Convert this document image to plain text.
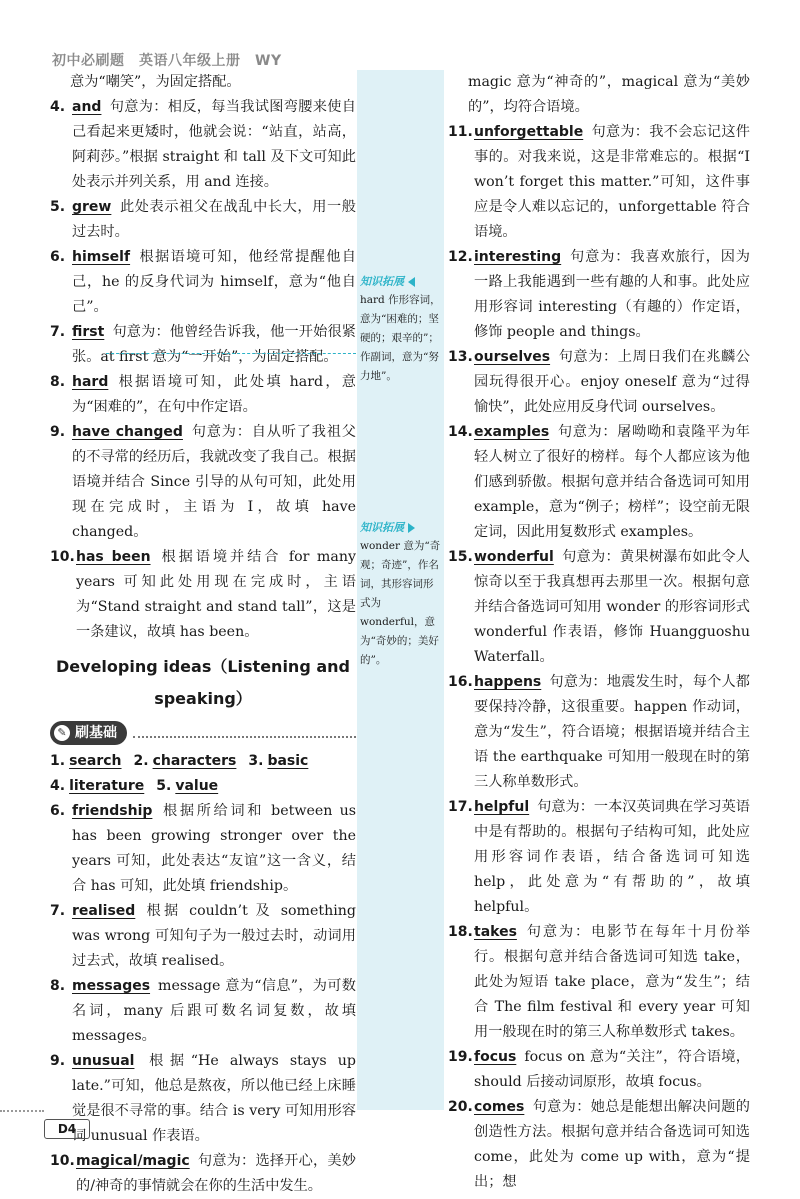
初中必刷题　英语八年级上册　WY
意为“嘲笑”，为固定搭配。
4. and 句意为：相反，每当我试图弯腰来使自己看起来更矮时，他就会说：“站直，站高，阿莉莎。”根据 straight 和 tall 及下文可知此处表示并列关系，用 and 连接。
5. grew 此处表示祖父在战乱中长大，用一般过去时。
6. himself 根据语境可知，他经常提醒他自己，he 的反身代词为 himself，意为“他自己”。
7. first 句意为：他曾经告诉我，他一开始很紧张。at first 意为“一开始”，为固定搭配。
8. hard 根据语境可知，此处填 hard，意为“困难的”，在句中作定语。
9. have changed 句意为：自从听了我祖父的不寻常的经历后，我就改变了我自己。根据语境并结合 Since 引导的从句可知，此处用现在完成时，主语为 I，故填 have changed。
10. has been 根据语境并结合 for many years 可知此处用现在完成时，主语为“Stand straight and stand tall”，这是一条建议，故填 has been。
Developing ideas（Listening and speaking）
✎ 刷基础
1. search 2. characters 3. basic
4. literature 5. value
6. friendship 根据所给词和 between us has been growing stronger over the years 可知，此处表达“友谊”这一含义，结合 has 可知，此处填 friendship。
7. realised 根据 couldn’t 及 something was wrong 可知句子为一般过去时，动词用过去式，故填 realised。
8. messages message 意为“信息”，为可数名词，many 后跟可数名词复数，故填 messages。
9. unusual 根据“He always stays up late.”可知，他总是熬夜，所以他已经上床睡觉是很不寻常的事。结合 is very 可知用形容词 unusual 作表语。
10. magical/magic 句意为：选择开心，美妙的/神奇的事情就会在你的生活中发生。
知识拓展
hard 作形容词，意为“困难的；坚硬的；艰辛的”；作副词，意为“努力地”。
知识拓展
wonder 意为“奇观；奇迹”，作名词，其形容词形式为 wonderful，意为“奇妙的；美好的”。
magic 意为“神奇的”，magical 意为“美妙的”，均符合语境。
11. unforgettable 句意为：我不会忘记这件事的。对我来说，这是非常难忘的。根据“I won’t forget this matter.”可知，这件事应是令人难以忘记的，unforgettable 符合语境。
12. interesting 句意为：我喜欢旅行，因为一路上我能遇到一些有趣的人和事。此处应用形容词 interesting（有趣的）作定语，修饰 people and things。
13. ourselves 句意为：上周日我们在兆麟公园玩得很开心。enjoy oneself 意为“过得愉快”，此处应用反身代词 ourselves。
14. examples 句意为：屠呦呦和袁隆平为年轻人树立了很好的榜样。每个人都应该为他们感到骄傲。根据句意并结合备选词可知用 example，意为“例子；榜样”；设空前无限定词，因此用复数形式 examples。
15. wonderful 句意为：黄果树瀑布如此令人惊奇以至于我真想再去那里一次。根据句意并结合备选词可知用 wonder 的形容词形式 wonderful 作表语，修饰 Huangguoshu Waterfall。
16. happens 句意为：地震发生时，每个人都要保持冷静，这很重要。happen 作动词，意为“发生”，符合语境；根据语境并结合主语 the earthquake 可知用一般现在时的第三人称单数形式。
17. helpful 句意为：一本汉英词典在学习英语中是有帮助的。根据句子结构可知，此处应用形容词作表语，结合备选词可知选 help，此处意为“有帮助的”，故填 helpful。
18. takes 句意为：电影节在每年十月份举行。根据句意并结合备选词可知选 take，此处为短语 take place，意为“发生”；结合 The film festival 和 every year 可知用一般现在时的第三人称单数形式 takes。
19. focus focus on 意为“关注”，符合语境，should 后接动词原形，故填 focus。
20. comes 句意为：她总是能想出解决问题的创造性方法。根据句意并结合备选词可知选 come，此处为 come up with，意为“提出；想
D4
